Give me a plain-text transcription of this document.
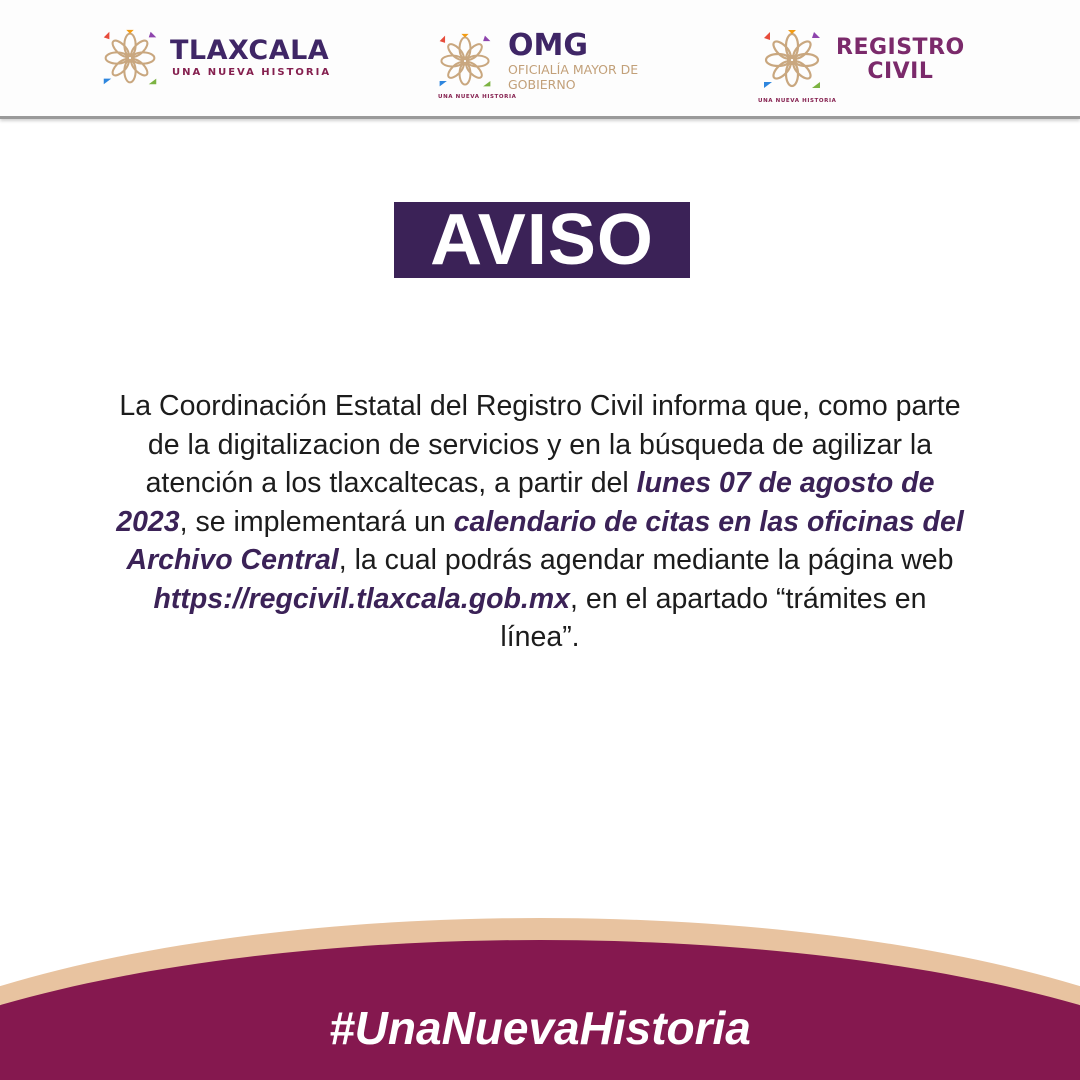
TLAXCALA
UNA NUEVA HISTORIA
OMG
OFICIALÍA MAYOR DE
GOBIERNO
UNA NUEVA HISTORIA
REGISTRO
CIVIL
UNA NUEVA HISTORIA
AVISO
La Coordinación Estatal del Registro Civil informa que, como parte de la digitalizacion de servicios y en la búsqueda de agilizar la atención a los tlaxcaltecas, a partir del lunes 07 de agosto de 2023, se implementará un calendario de citas en las oficinas del Archivo Central, la cual podrás agendar mediante la página web https://regcivil.tlaxcala.gob.mx, en el apartado “trámites en línea”.
#UnaNuevaHistoria
